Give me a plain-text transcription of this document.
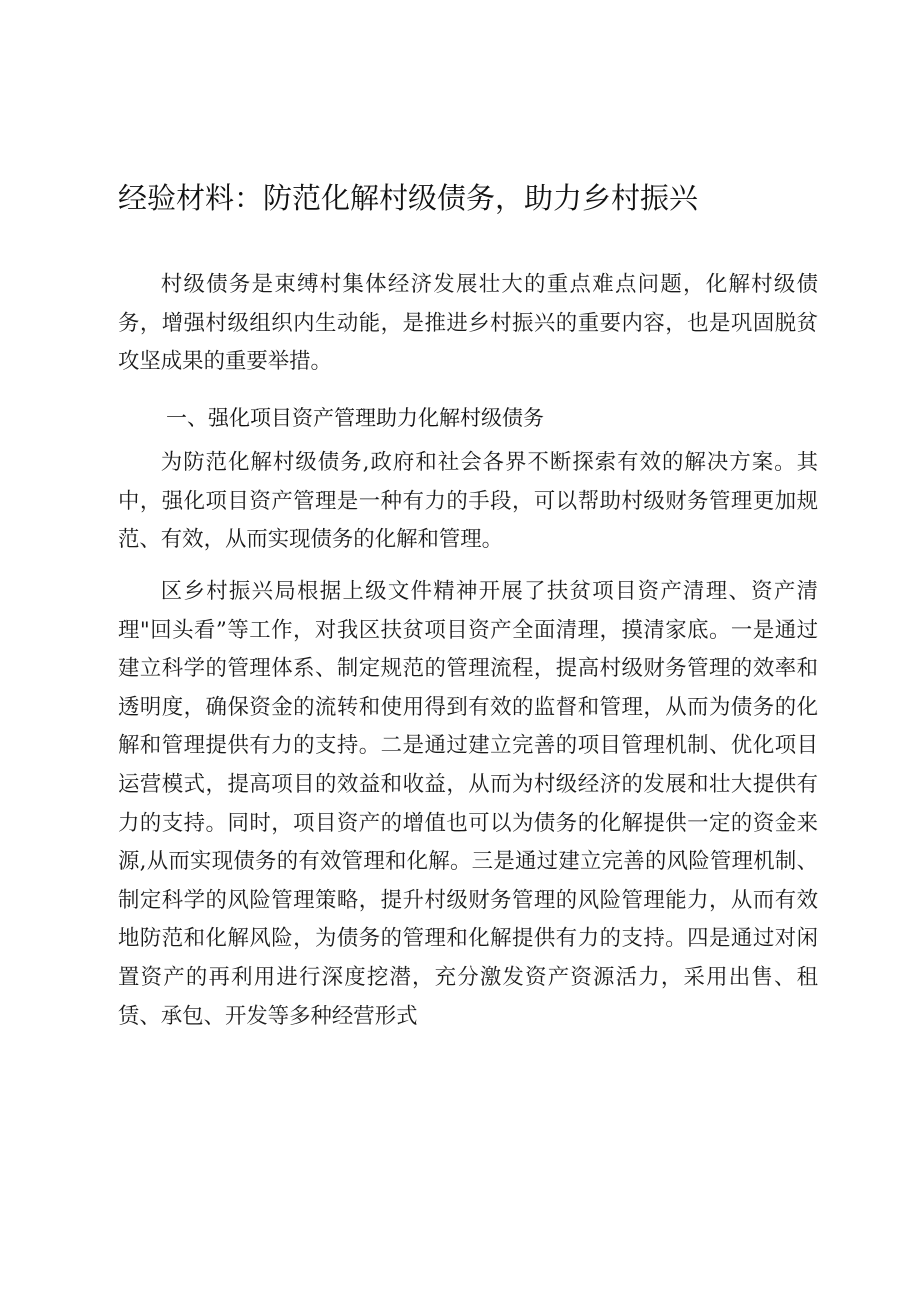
经验材料：防范化解村级债务，助力乡村振兴

村级债务是束缚村集体经济发展壮大的重点难点问题，化解村级债务，增强村级组织内生动能，是推进乡村振兴的重要内容，也是巩固脱贫攻坚成果的重要举措。

一、强化项目资产管理助力化解村级债务

为防范化解村级债务,政府和社会各界不断探索有效的解决方案。其中，强化项目资产管理是一种有力的手段，可以帮助村级财务管理更加规范、有效，从而实现债务的化解和管理。

区乡村振兴局根据上级文件精神开展了扶贫项目资产清理、资产清理"回头看”等工作，对我区扶贫项目资产全面清理，摸清家底。一是通过建立科学的管理体系、制定规范的管理流程，提高村级财务管理的效率和透明度，确保资金的流转和使用得到有效的监督和管理，从而为债务的化解和管理提供有力的支持。二是通过建立完善的项目管理机制、优化项目运营模式，提高项目的效益和收益，从而为村级经济的发展和壮大提供有力的支持。同时，项目资产的增值也可以为债务的化解提供一定的资金来源,从而实现债务的有效管理和化解。三是通过建立完善的风险管理机制、制定科学的风险管理策略，提升村级财务管理的风险管理能力，从而有效地防范和化解风险，为债务的管理和化解提供有力的支持。四是通过对闲置资产的再利用进行深度挖潜，充分激发资产资源活力，采用出售、租赁、承包、开发等多种经营形式
